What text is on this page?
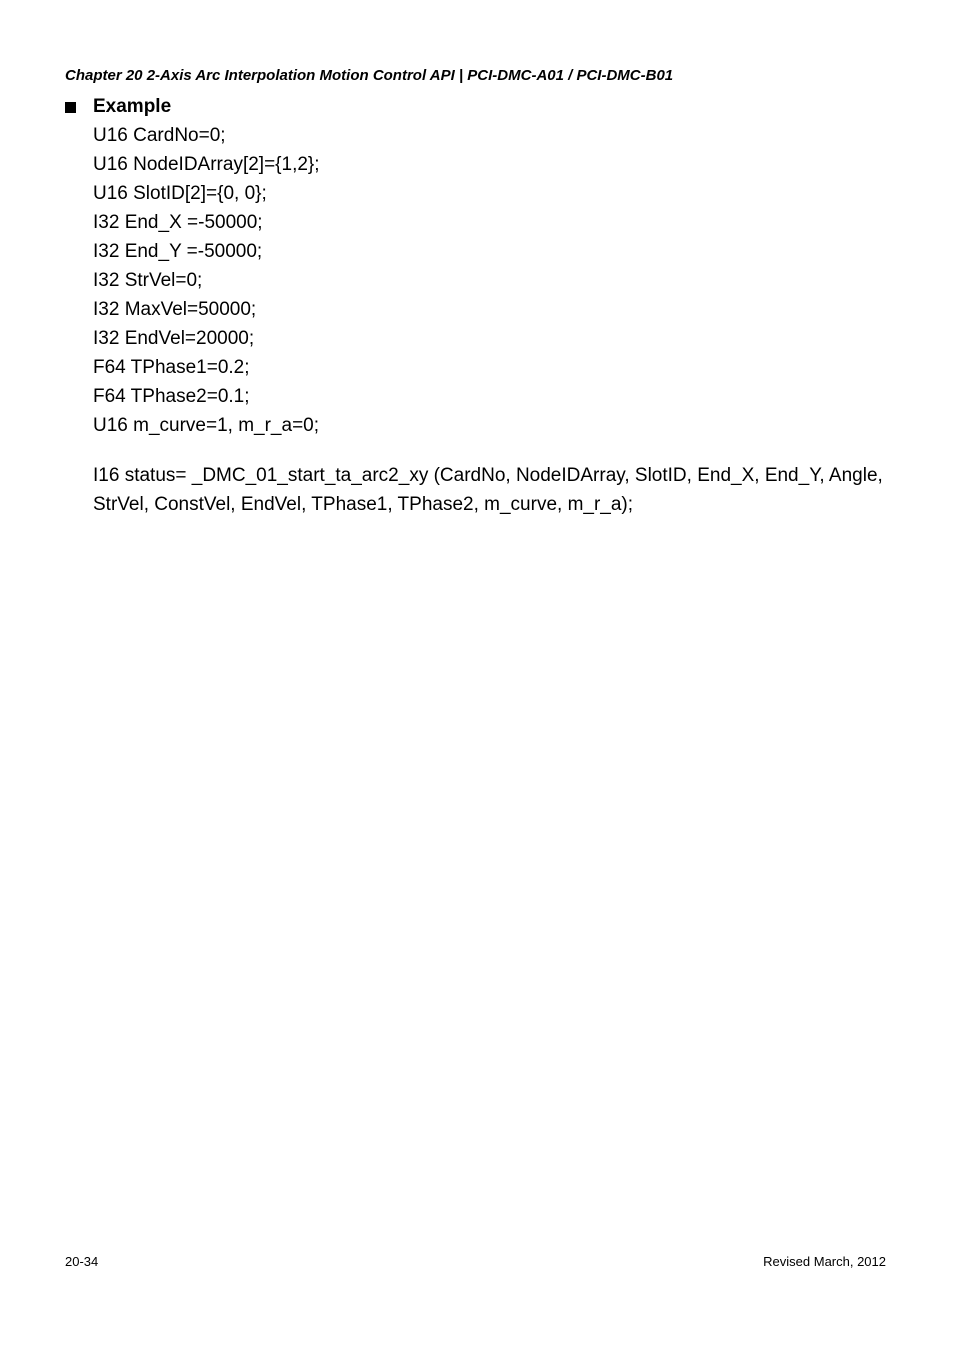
Chapter 20 2-Axis Arc Interpolation Motion Control API | PCI-DMC-A01 / PCI-DMC-B01
Example
U16 CardNo=0;
U16 NodeIDArray[2]={1,2};
U16 SlotID[2]={0, 0};
I32 End_X =-50000;
I32 End_Y =-50000;
I32 StrVel=0;
I32 MaxVel=50000;
I32 EndVel=20000;
F64 TPhase1=0.2;
F64 TPhase2=0.1;
U16 m_curve=1, m_r_a=0;
I16 status= _DMC_01_start_ta_arc2_xy (CardNo, NodeIDArray, SlotID, End_X, End_Y, Angle,
StrVel, ConstVel, EndVel, TPhase1, TPhase2, m_curve, m_r_a);
20-34	Revised March, 2012
